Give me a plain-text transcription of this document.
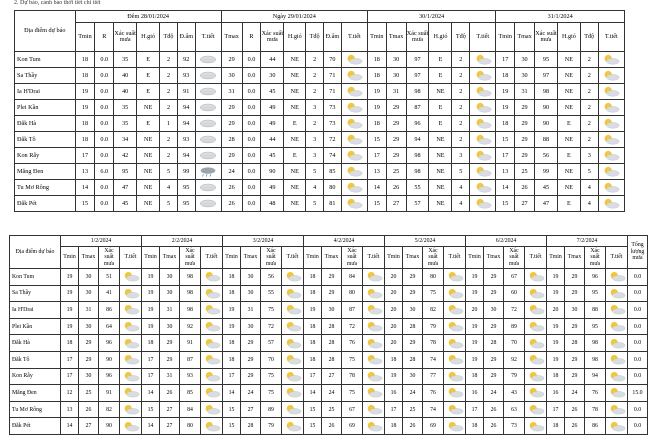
2. Dự báo, cảnh báo thời tiết chi tiết
Địa điểm dự báo	Đêm 28/01/2024							Ngày 29/01/2024							30/1/2024						31/1/2024					
	Tmin	R	Xác suất mưa	H.gió	Tđộ	Đ.ẩm	T.tiết	Tmax	R	Xác suất mưa	H.gió	Tđộ	Đ.ẩm	T.tiết	Tmin	Tmax	Xác suất mưa	H.gió	Tđộ	T.tiết	Tmin	Tmax	Xác suất mưa	H.gió	Tđộ	T.tiết
Kon Tum	18	0.0	35	E	2	92		29	0.0	44	NE	2	70		18	30	97	E	2		17	30	95	NE	2	

Sa Thầy	18	0.0	40	E	2	93		30	0.0	30	NE	2	71		18	30	97	E	2		18	30	97	NE	2	

Ia H'Drai	19	0.0	40	E	2	91		31	0.0	45	NE	2	71		19	31	98	NE	2		19	31	98	NE	2	

Plei Kần	19	0.0	35	NE	2	94		29	0.0	49	NE	3	73		19	29	87	E	2		19	29	90	NE	2	

Đăk Hà	18	0.0	35	E	1	94		29	0.0	49	E	2	73		18	29	96	E	2		18	29	90	E	2	

Đăk Tô	18	0.0	34	NE	2	93		28	0.0	44	NE	3	72		15	29	94	NE	2		15	29	88	NE	2	

Kon Rẫy	17	0.0	42	NE	2	94		29	0.0	45	E	3	74		17	29	98	NE	3		17	29	56	E	3	

Măng Đen	13	6.0	95	NE	5	99		24	0.0	90	NE	5	85		13	25	98	NE	5		13	25	99	NE	5	

Tu Mơ Rông	14	0.0	47	NE	4	95		26	0.0	49	NE	4	80		14	26	55	NE	4		14	26	45	NE	4	

Đăk Pét	15	0.0	45	NE	5	95		26	0.0	48	NE	5	81		15	27	57	NE	4		15	27	47	E	4	
Địa điểm dự báo	1/2/2024				2/2/2024				3/2/2024				4/2/2024				5/2/2024				6/2/2024				7/2/2024				Tổng lượng mưa
	Tmin	Tmax	Xác suất mưa	T.tiết	Tmin	Tmax	Xác suất mưa	T.tiết	Tmin	Tmax	Xác suất mưa	T.tiết	Tmin	Tmax	Xác suất mưa	T.tiết	Tmin	Tmax	Xác suất mưa	T.tiết	Tmin	Tmax	Xác suất mưa	T.tiết	Tmin	Tmax	Xác suất mưa	T.tiết	
Kon Tum	19	30	51		19	30	98		18	30	56		18	29	84		20	29	80		19	29	67		19	29	96		0.0
Sa Thầy	19	30	41		19	30	98		18	30	55		18	29	80		20	29	75		19	29	60		19	29	95		0.0
Ia H'Drai	19	31	86		19	31	98		19	31	75		19	30	87		20	30	82		20	30	72		20	30	88		0.0
Plei Kần	19	30	64		19	30	92		19	30	72		18	28	72		20	28	79		19	29	89		19	29	95		0.0
Đăk Hà	18	29	96		18	29	91		18	29	57		18	28	76		20	29	78		19	28	70		19	28	98		0.0
Đăk Tô	17	29	90		17	29	87		18	29	70		18	28	75		18	28	74		19	29	92		19	29	98		0.0
Kon Rẫy	17	30	96		17	31	93		17	29	75		17	27	78		19	30	77		18	29	79		18	29	94		0.0
Măng Đen	12	25	91		14	26	85		14	24	75		14	24	75		16	24	76		16	24	43		16	24	76		15.0
Tu Mơ Rông	13	26	82		15	27	84		15	27	89		15	25	67		17	25	74		17	26	63		17	26	78		0.0
Đăk Pét	14	27	90		14	27	80		15	28	79		15	26	69		18	26	69		18	26	73		18	26	86		0.0
